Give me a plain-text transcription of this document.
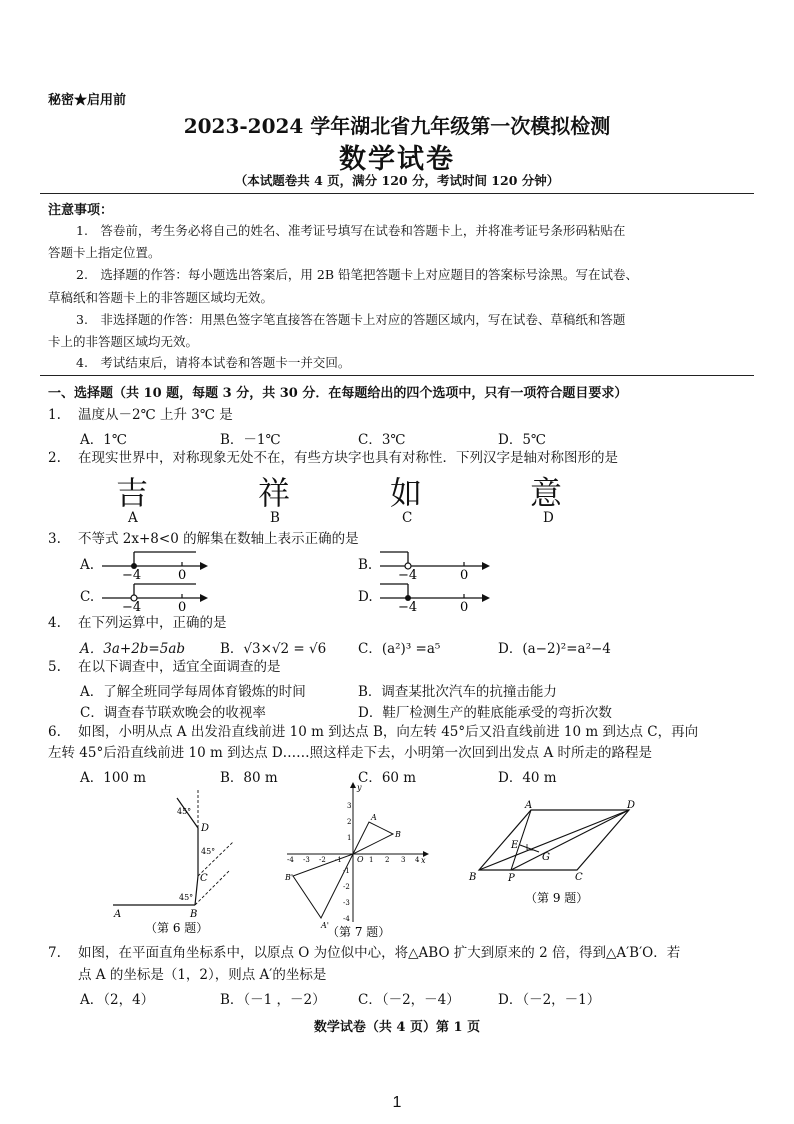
秘密★启用前
2023-2024 学年湖北省九年级第一次模拟检测
数学试卷
（本试题卷共 4 页，满分 120 分，考试时间 120 分钟）
注意事项：
1.　答卷前，考生务必将自己的姓名、准考证号填写在试卷和答题卡上，并将准考证号条形码粘贴在
答题卡上指定位置。
2.　选择题的作答：每小题选出答案后，用 2B 铅笔把答题卡上对应题目的答案标号涂黑。写在试卷、
草稿纸和答题卡上的非答题区域均无效。
3.　非选择题的作答：用黑色签字笔直接答在答题卡上对应的答题区域内，写在试卷、草稿纸和答题
卡上的非答题区域均无效。
4.　考试结束后，请将本试卷和答题卡一并交回。
一、选择题（共 10 题，每题 3 分，共 30 分．在每题给出的四个选项中，只有一项符合题目要求）
1. 温度从－2℃ 上升 3℃ 是
A．1℃	B．－1℃	C．3℃	D．5℃
2. 在现实世界中，对称现象无处不在，有些方块字也具有对称性．下列汉字是轴对称图形的是
吉	祥	如	意
A	B	C	D
3. 不等式 2x+8<0 的解集在数轴上表示正确的是
A.
−4	0
B.
−4	0
C.
−4	0
D.
−4	0
4. 在下列运算中，正确的是
A．3a+2b=5ab	B．√3×√2 = √6 C．(a²)³ =a⁵	D．(a−2)²=a²−4
5. 在以下调查中，适宜全面调查的是
A．了解全班同学每周体育锻炼的时间	B．调查某批次汽车的抗撞击能力
C．调查春节联欢晚会的收视率	D．鞋厂检测生产的鞋底能承受的弯折次数
6. 如图，小明从点 A 出发沿直线前进 10 m 到达点 B，向左转 45°后又沿直线前进 10 m 到达点 C，再向
左转 45°后沿直线前进 10 m 到达点 D……照这样走下去，小明第一次回到出发点 A 时所走的路程是
A．100 m	B．80 m	C．60 m	D．40 m
A	B
C
D
45°
45°
45°
（第 6 题）
x
y
-4 -3 -2 -1	1 2 3 4
3
2
1
-1
-2
-3
-4
A
B
O
A'
B'
（第 7 题）
A
B	C
D
E
G
P
（第 9 题）
7. 如图，在平面直角坐标系中，以原点 O 为位似中心，将△ABO 扩大到原来的 2 倍，得到△A′B′O．若
点 A 的坐标是（1，2），则点 A′的坐标是
A．（2，4）	B．（－1 ，－2） C．（－2，－4）	D．（－2，－1）
数学试卷（共 4 页）第 1 页
1
